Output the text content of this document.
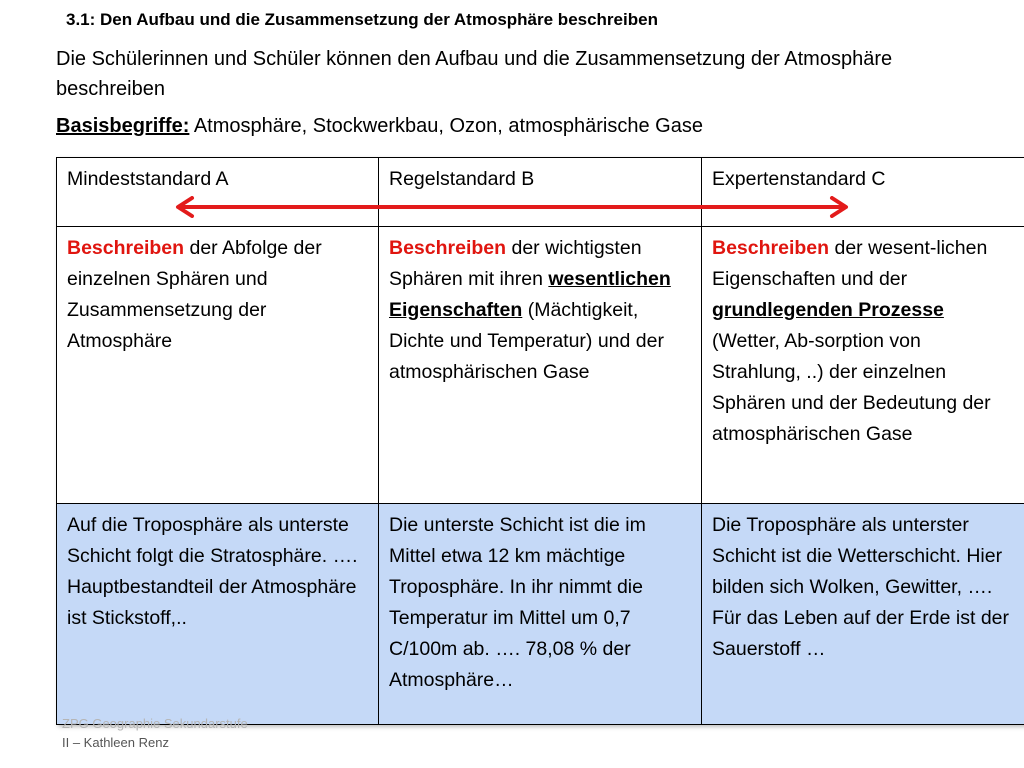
3.1: Den Aufbau und die Zusammensetzung der Atmosphäre beschreiben
Die Schülerinnen und Schüler können den Aufbau und die Zusammensetzung der Atmosphäre beschreiben
Basisbegriffe: Atmosphäre, Stockwerkbau, Ozon, atmosphärische Gase
Mindeststandard A	Regelstandard B	Expertenstandard C
Beschreiben der Abfolge der einzelnen Sphären und Zusammensetzung der Atmosphäre	Beschreiben der wichtigsten Sphären mit ihren wesentlichen Eigenschaften (Mächtigkeit, Dichte und Temperatur) und der atmosphärischen Gase	Beschreiben der wesent-lichen Eigenschaften und der grundlegenden Prozesse (Wetter, Ab-sorption von Strahlung, ..) der einzelnen Sphären und der Bedeutung der atmosphärischen Gase
Auf die Troposphäre als unterste Schicht folgt die Stratosphäre. …. Hauptbestandteil der Atmosphäre ist Stickstoff,..	Die unterste Schicht ist die im Mittel etwa 12 km mächtige Troposphäre. In ihr nimmt die Temperatur im Mittel um 0,7 C/100m ab. …. 78,08 % der Atmosphäre…	Die Troposphäre als unterster Schicht ist die Wetterschicht. Hier bilden sich Wolken, Gewitter, …. Für das Leben auf der Erde ist der Sauerstoff …
ZPG Geographie Sekundarstufe
II – Kathleen Renz
